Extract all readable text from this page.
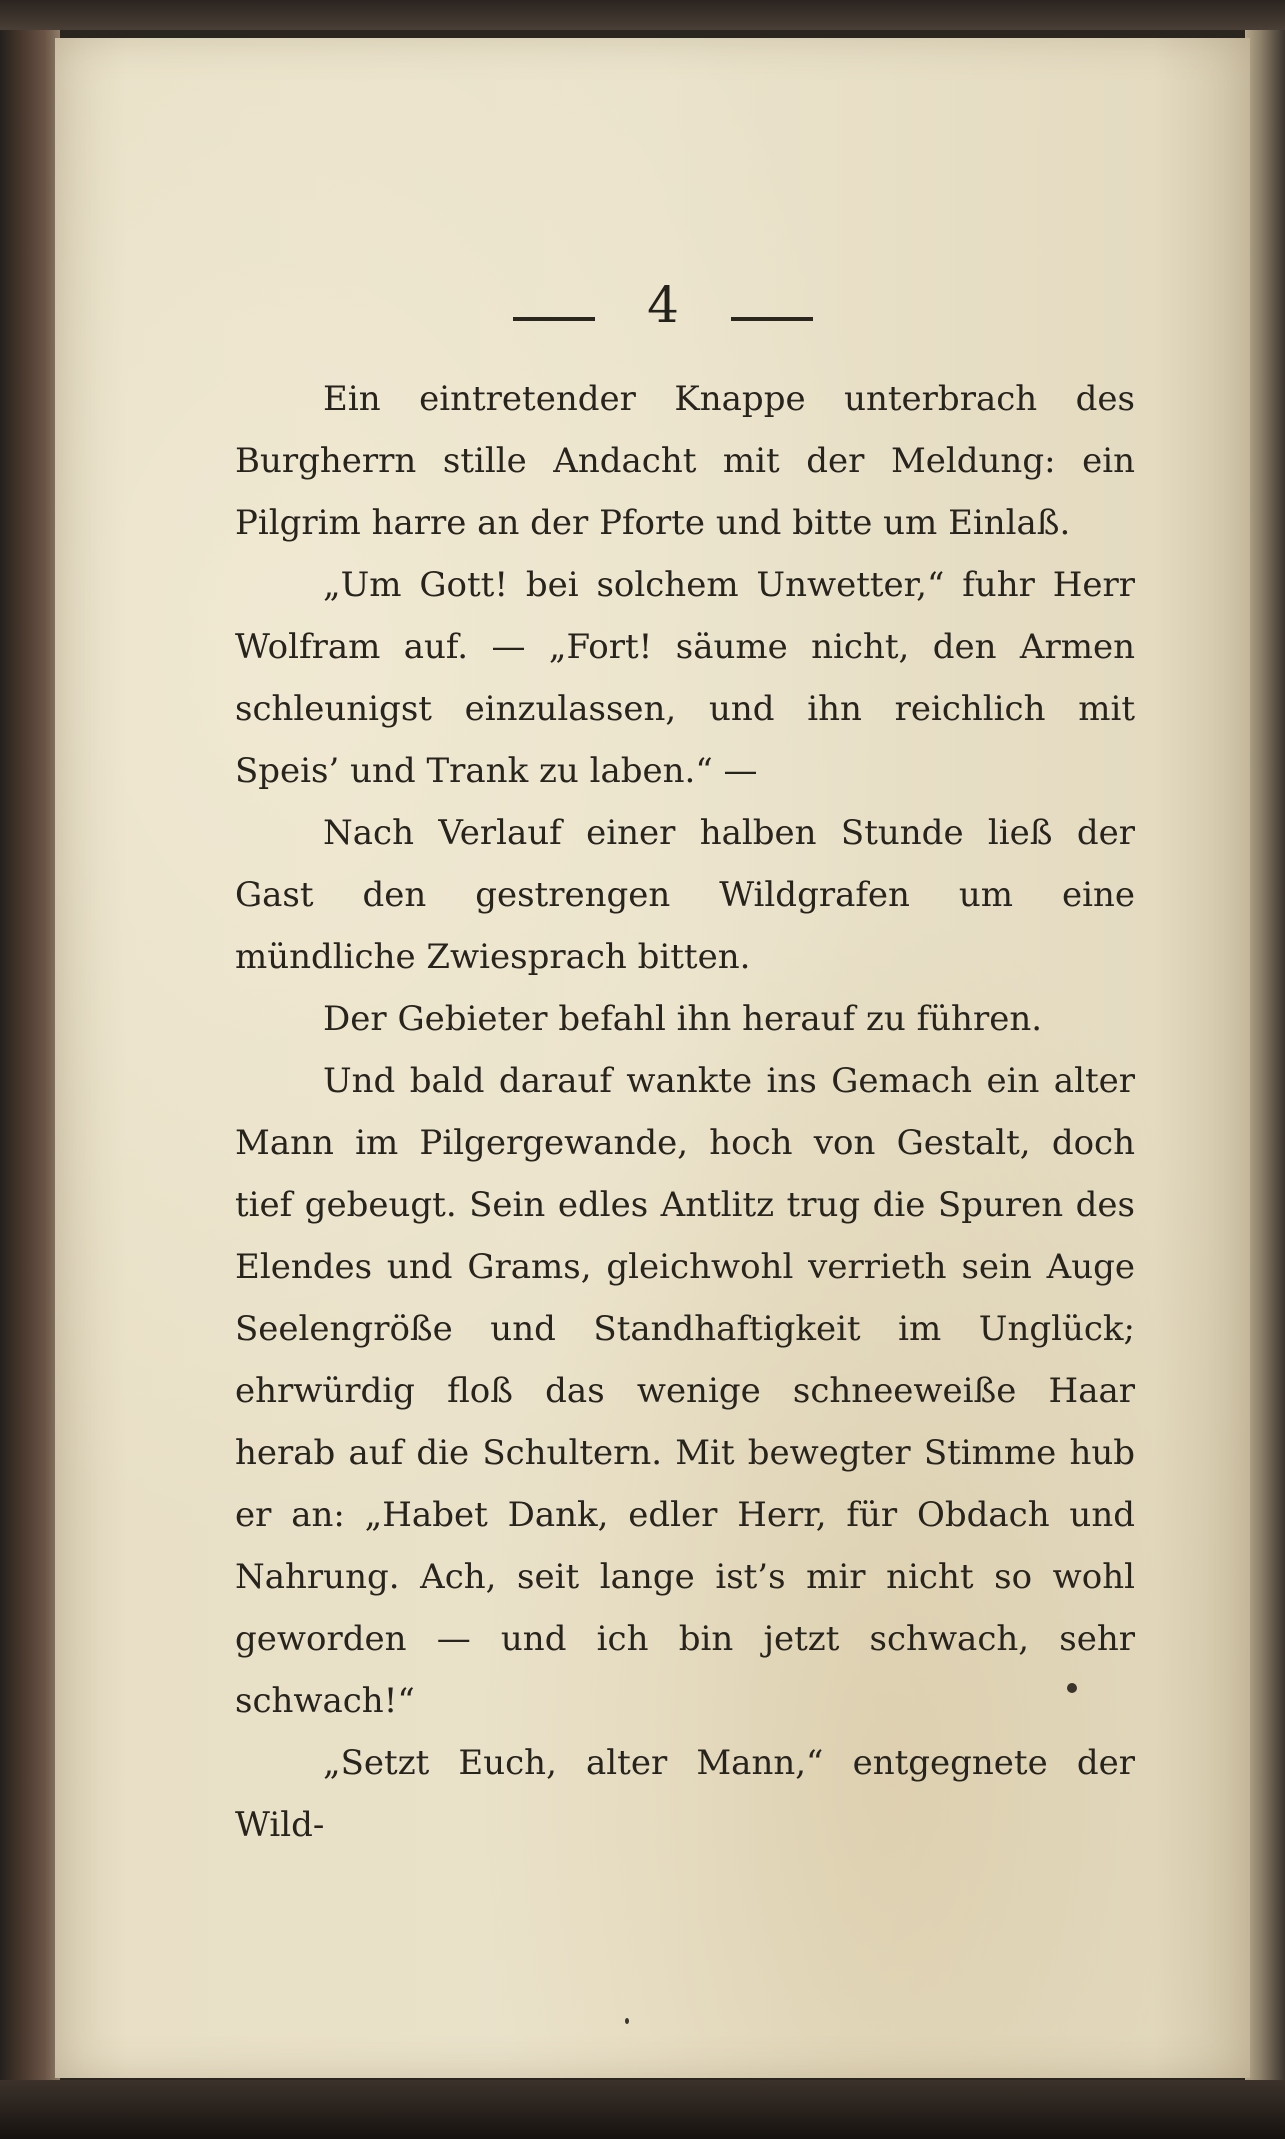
4

Ein eintretender Knappe unterbrach des Burgherrn stille Andacht mit der Meldung: ein Pilgrim harre an der Pforte und bitte um Einlaß.

„Um Gott! bei solchem Unwetter,“ fuhr Herr Wolfram auf. — „Fort! säume nicht, den Armen schleunigst einzulassen, und ihn reichlich mit Speis’ und Trank zu laben.“ —

Nach Verlauf einer halben Stunde ließ der Gast den gestrengen Wildgrafen um eine mündliche Zwiesprach bitten.

Der Gebieter befahl ihn herauf zu führen.

Und bald darauf wankte ins Gemach ein alter Mann im Pilgergewande, hoch von Gestalt, doch tief gebeugt. Sein edles Antlitz trug die Spuren des Elendes und Grams, gleichwohl verrieth sein Auge Seelengröße und Standhaftigkeit im Unglück; ehrwürdig floß das wenige schneeweiße Haar herab auf die Schultern. Mit bewegter Stimme hub er an: „Habet Dank, edler Herr, für Obdach und Nahrung. Ach, seit lange ist’s mir nicht so wohl geworden — und ich bin jetzt schwach, sehr schwach!“

„Setzt Euch, alter Mann,“ entgegnete der Wild-
